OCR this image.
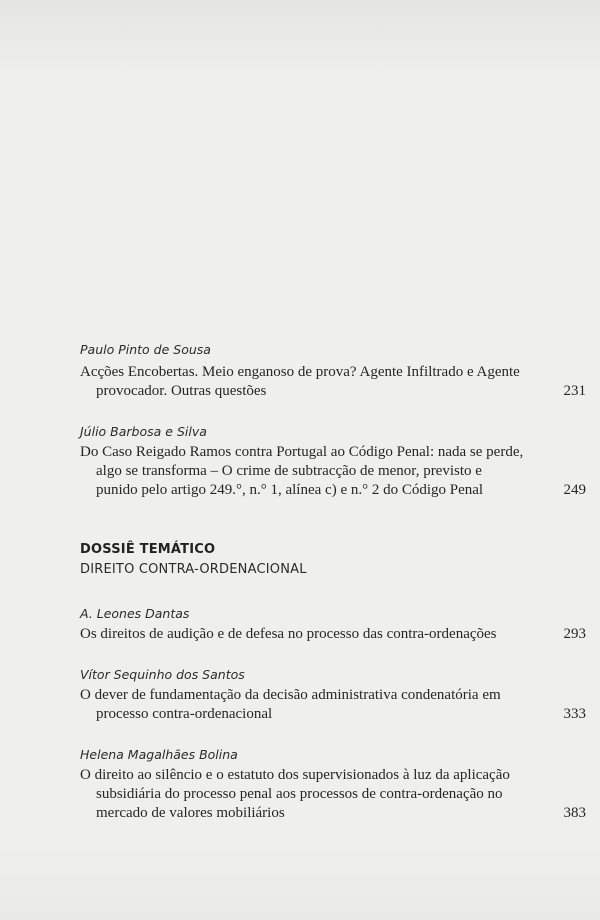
Paulo Pinto de Sousa

Acções Encobertas. Meio enganoso de prova? Agente Infiltrado e Agente provocador. Outras questões	231

Júlio Barbosa e Silva

Do Caso Reigado Ramos contra Portugal ao Código Penal: nada se perde, algo se transforma – O crime de subtracção de menor, previsto e punido pelo artigo 249.°, n.° 1, alínea c) e n.° 2 do Código Penal	249

DOSSIÊ TEMÁTICO

DIREITO CONTRA-ORDENACIONAL

A. Leones Dantas

Os direitos de audição e de defesa no processo das contra-ordenações	293

Vítor Sequinho dos Santos

O dever de fundamentação da decisão administrativa condenatória em processo contra-ordenacional	333

Helena Magalhães Bolina

O direito ao silêncio e o estatuto dos supervisionados à luz da aplicação subsidiária do processo penal aos processos de contra-ordenação no mercado de valores mobiliários	383
